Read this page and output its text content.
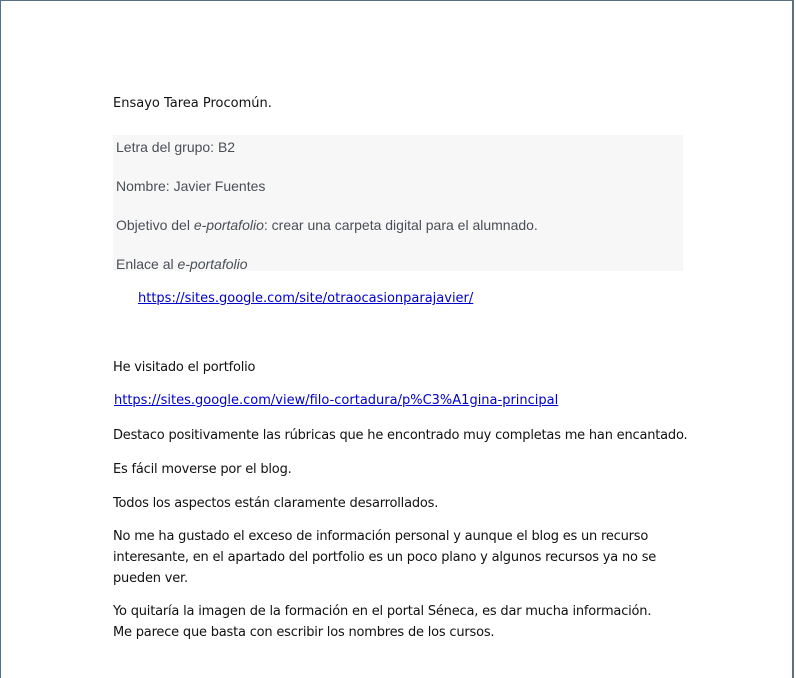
Ensayo Tarea Procomún.

Letra del grupo: B2

Nombre: Javier Fuentes

Objetivo del e-portafolio: crear una carpeta digital para el alumnado.

Enlace al e-portafolio

https://sites.google.com/site/otraocasionparajavier/

He visitado el portfolio

https://sites.google.com/view/filo-cortadura/p%C3%A1gina-principal

Destaco positivamente las rúbricas que he encontrado muy completas me han encantado.

Es fácil moverse por el blog.

Todos los aspectos están claramente desarrollados.

No me ha gustado el exceso de información personal y aunque el blog es un recurso interesante, en el apartado del portfolio es un poco plano y algunos recursos ya no se pueden ver.

Yo quitaría la imagen de la formación en el portal Séneca, es dar mucha información. Me parece que basta con escribir los nombres de los cursos.
